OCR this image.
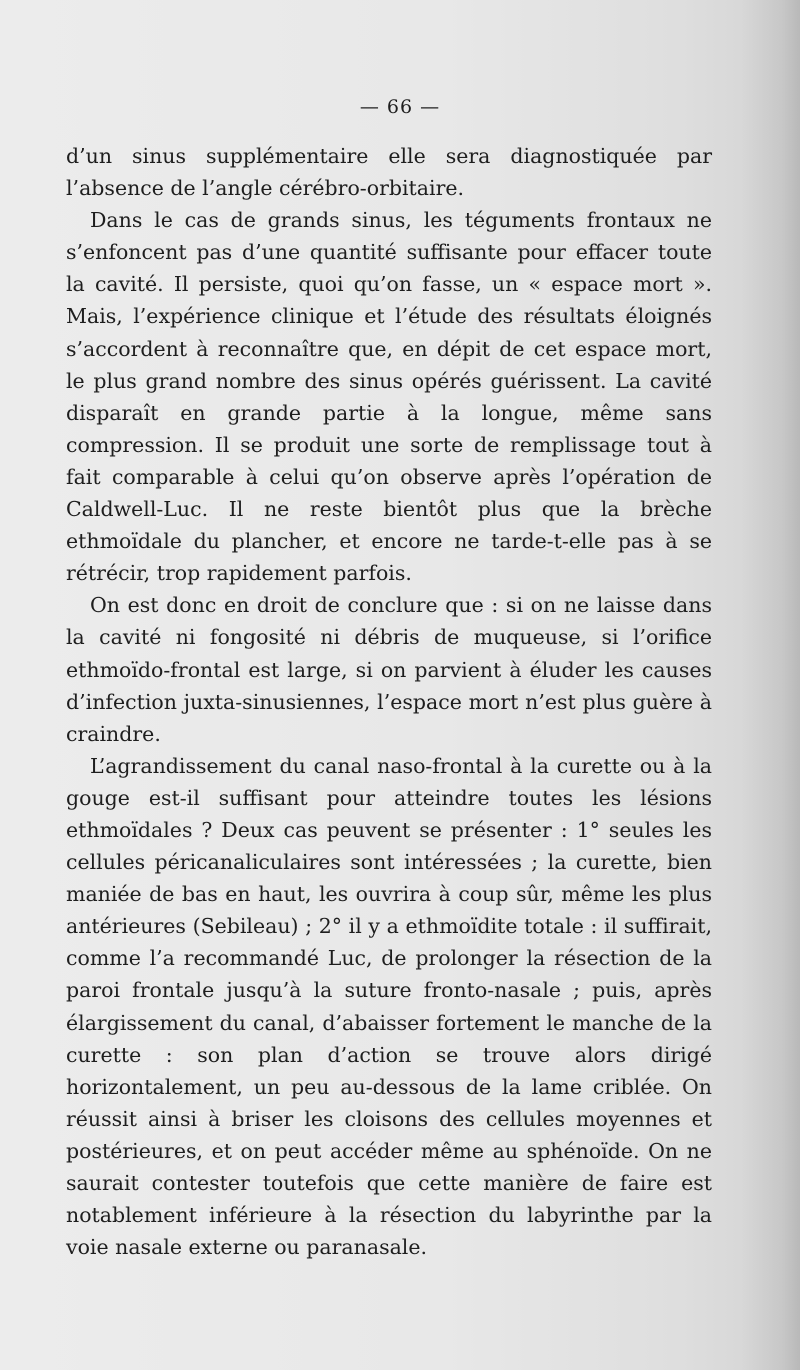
— 66 —

d’un sinus supplémentaire elle sera diagnostiquée par l’absence de l’angle cérébro-orbitaire.

Dans le cas de grands sinus, les téguments frontaux ne s’enfoncent pas d’une quantité suffisante pour effacer toute la cavité. Il persiste, quoi qu’on fasse, un « espace mort ». Mais, l’expérience clinique et l’étude des résultats éloignés s’accordent à reconnaître que, en dépit de cet espace mort, le plus grand nombre des sinus opérés guérissent. La cavité disparaît en grande partie à la longue, même sans compression. Il se produit une sorte de remplissage tout à fait comparable à celui qu’on observe après l’opération de Caldwell-Luc. Il ne reste bientôt plus que la brèche ethmoïdale du plancher, et encore ne tarde-t-elle pas à se rétrécir, trop rapidement parfois.

On est donc en droit de conclure que : si on ne laisse dans la cavité ni fongosité ni débris de muqueuse, si l’orifice ethmoïdo-frontal est large, si on parvient à éluder les causes d’infection juxta-sinusiennes, l’espace mort n’est plus guère à craindre.

L’agrandissement du canal naso-frontal à la curette ou à la gouge est-il suffisant pour atteindre toutes les lésions ethmoïdales ? Deux cas peuvent se présenter : 1° seules les cellules péricanaliculaires sont intéressées ; la curette, bien maniée de bas en haut, les ouvrira à coup sûr, même les plus antérieures (Sebileau) ; 2° il y a ethmoïdite totale : il suffirait, comme l’a recommandé Luc, de prolonger la résection de la paroi frontale jusqu’à la suture fronto-nasale ; puis, après élargissement du canal, d’abaisser fortement le manche de la curette : son plan d’action se trouve alors dirigé horizontalement, un peu au-dessous de la lame criblée. On réussit ainsi à briser les cloisons des cellules moyennes et postérieures, et on peut accéder même au sphénoïde. On ne saurait contester toutefois que cette manière de faire est notablement inférieure à la résection du labyrinthe par la voie nasale externe ou paranasale.
